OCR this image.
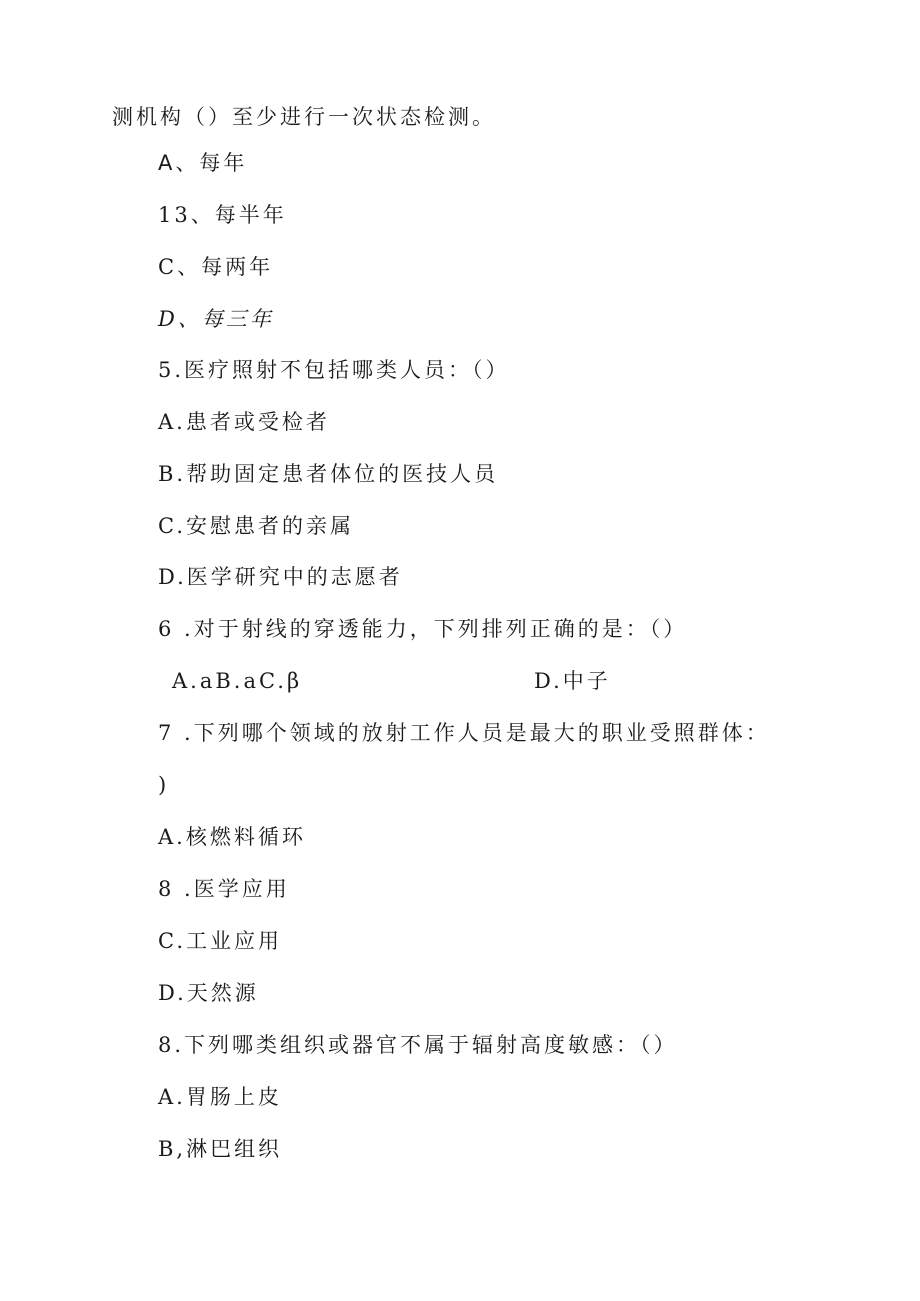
测机构（）至少进行一次状态检测。

A、每年

13、每半年

C、每两年

D、每三年

5.医疗照射不包括哪类人员：（）

A.患者或受检者

B.帮助固定患者体位的医技人员

C.安慰患者的亲属

D.医学研究中的志愿者

6 .对于射线的穿透能力，下列排列正确的是：（）

A.aB.aC.β	D.中子

7 .下列哪个领域的放射工作人员是最大的职业受照群体：

)

A.核燃料循环

8 .医学应用

C.工业应用

D.天然源

8.下列哪类组织或器官不属于辐射高度敏感：（）

A.胃肠上皮

B,淋巴组织
